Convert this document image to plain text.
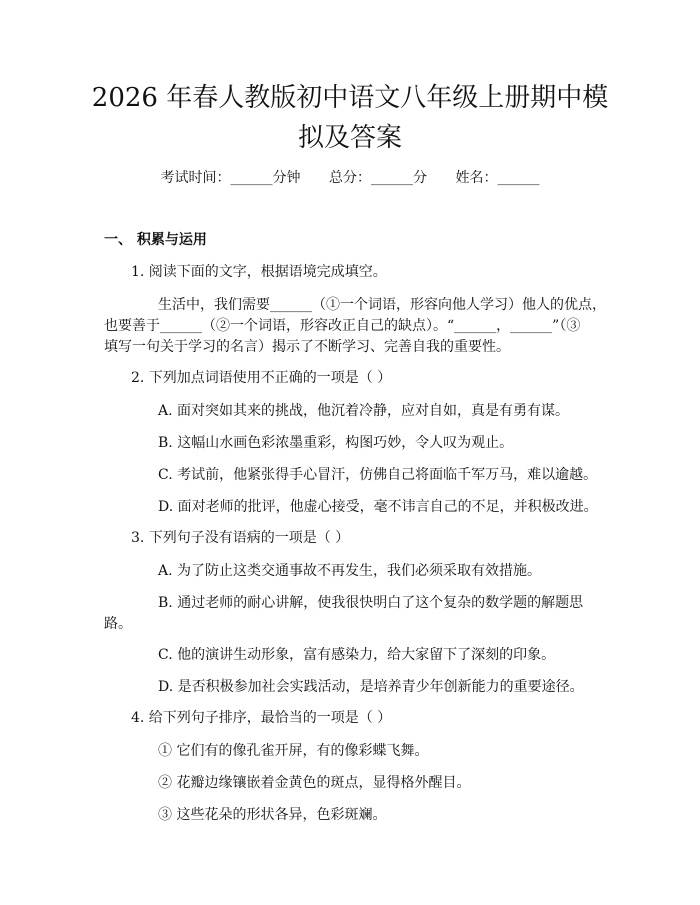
2026 年春人教版初中语文八年级上册期中模
拟及答案
考试时间：______分钟 总分：______分 姓名：______
一、 积累与运用
1. 阅读下面的文字，根据语境完成填空。
生活中，我们需要______（①一个词语，形容向他人学习）他人的优点，
也要善于______（②一个词语，形容改正自己的缺点）。“______，______”（③
填写一句关于学习的名言）揭示了不断学习、完善自我的重要性。
2. 下列加点词语使用不正确的一项是（ ）
A. 面对突如其来的挑战，他沉着冷静，应对自如，真是有勇有谋。
B. 这幅山水画色彩浓墨重彩，构图巧妙，令人叹为观止。
C. 考试前，他紧张得手心冒汗，仿佛自己将面临千军万马，难以逾越。
D. 面对老师的批评，他虚心接受，毫不讳言自己的不足，并积极改进。
3. 下列句子没有语病的一项是（ ）
A. 为了防止这类交通事故不再发生，我们必须采取有效措施。
B. 通过老师的耐心讲解，使我很快明白了这个复杂的数学题的解题思
路。
C. 他的演讲生动形象，富有感染力，给大家留下了深刻的印象。
D. 是否积极参加社会实践活动，是培养青少年创新能力的重要途径。
4. 给下列句子排序，最恰当的一项是（ ）
① 它们有的像孔雀开屏，有的像彩蝶飞舞。
② 花瓣边缘镶嵌着金黄色的斑点，显得格外醒目。
③ 这些花朵的形状各异，色彩斑斓。
